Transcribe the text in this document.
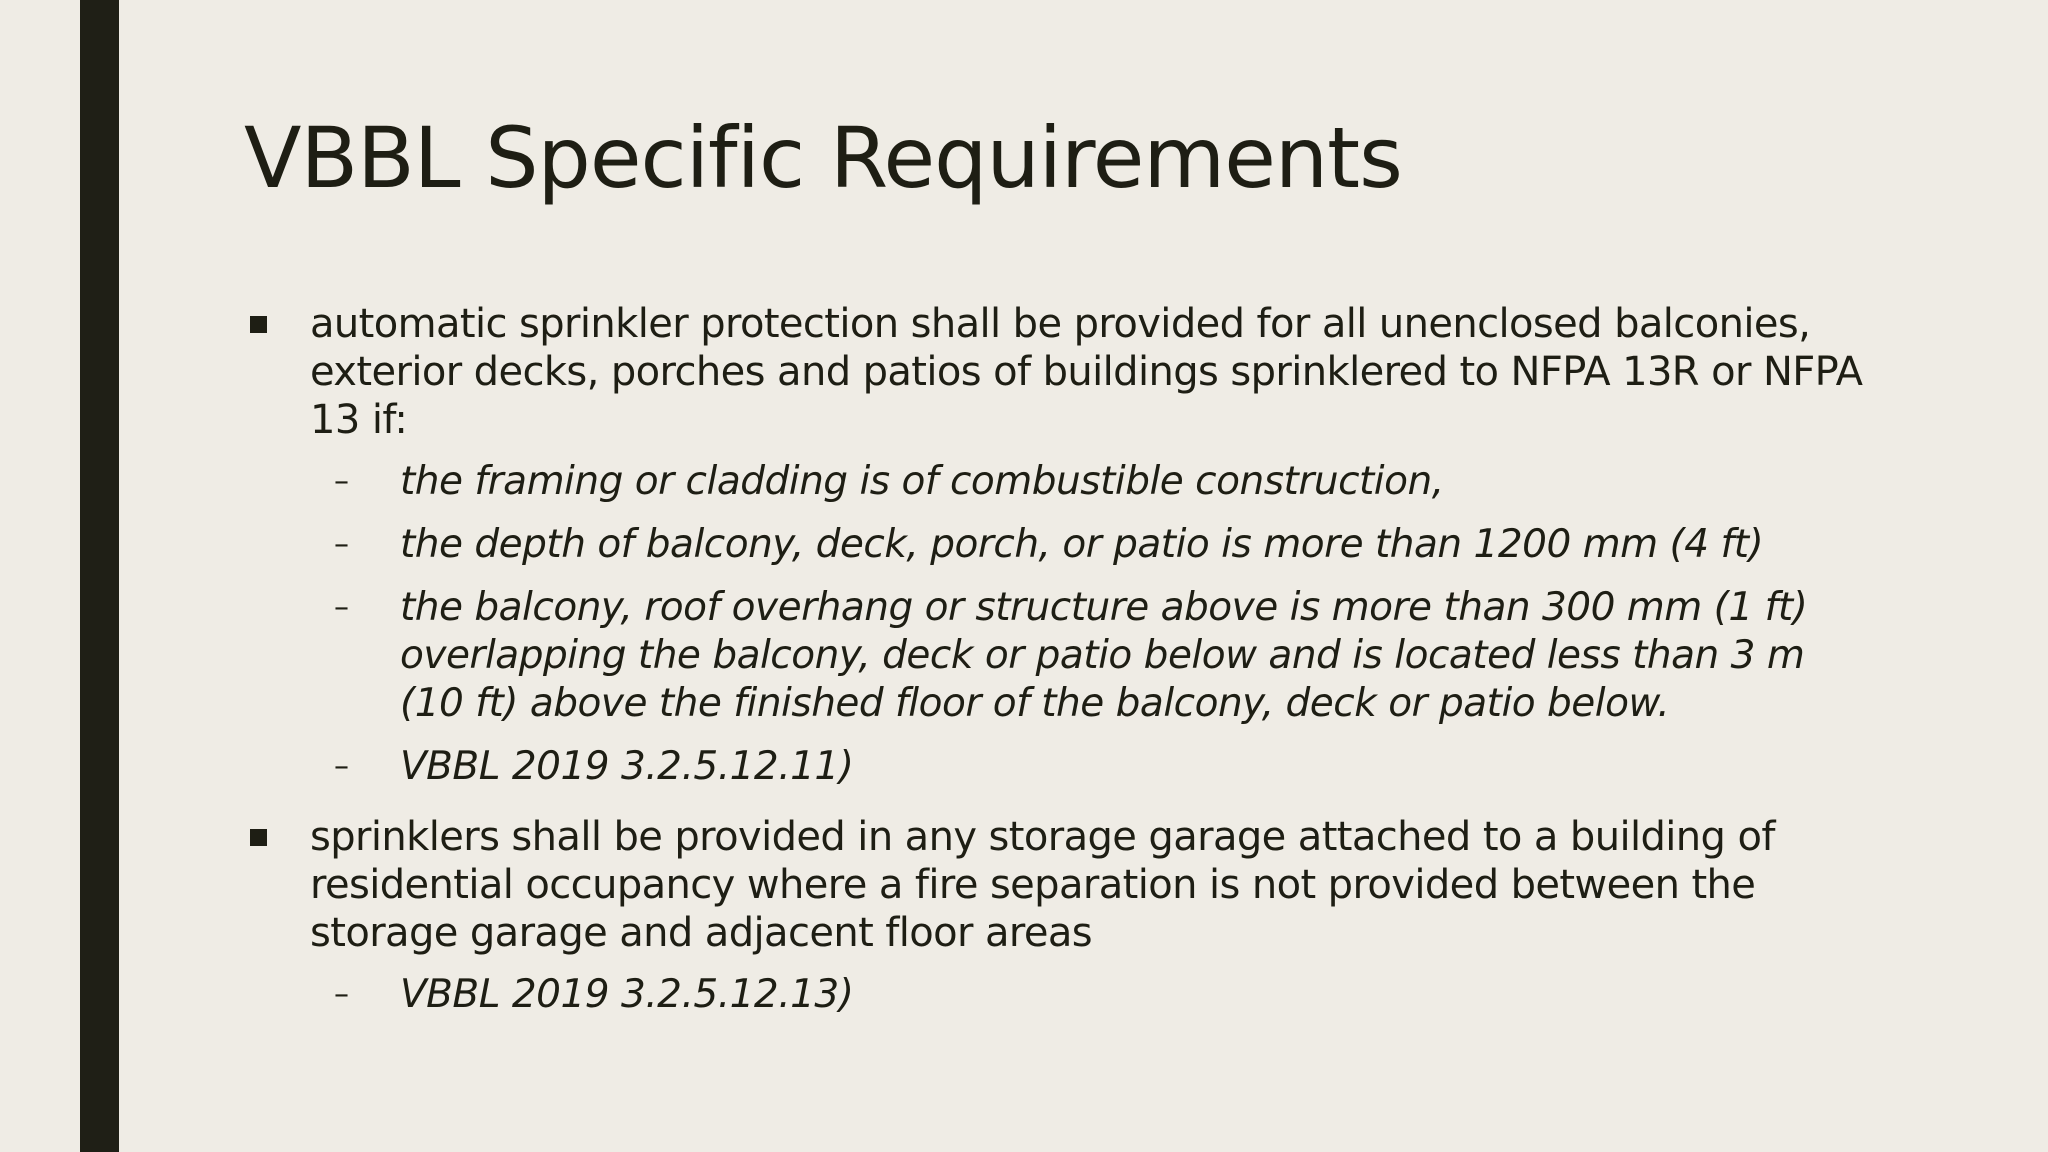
VBBL Specific Requirements
automatic sprinkler protection shall be provided for all unenclosed balconies, exterior decks, porches and patios of buildings sprinklered to NFPA 13R or NFPA 13 if:
– the framing or cladding is of combustible construction,
– the depth of balcony, deck, porch, or patio is more than 1200 mm (4 ft)
– the balcony, roof overhang or structure above is more than 300 mm (1 ft) overlapping the balcony, deck or patio below and is located less than 3 m (10 ft) above the finished floor of the balcony, deck or patio below.
– VBBL 2019 3.2.5.12.11)
sprinklers shall be provided in any storage garage attached to a building of residential occupancy where a fire separation is not provided between the storage garage and adjacent floor areas
– VBBL 2019 3.2.5.12.13)
